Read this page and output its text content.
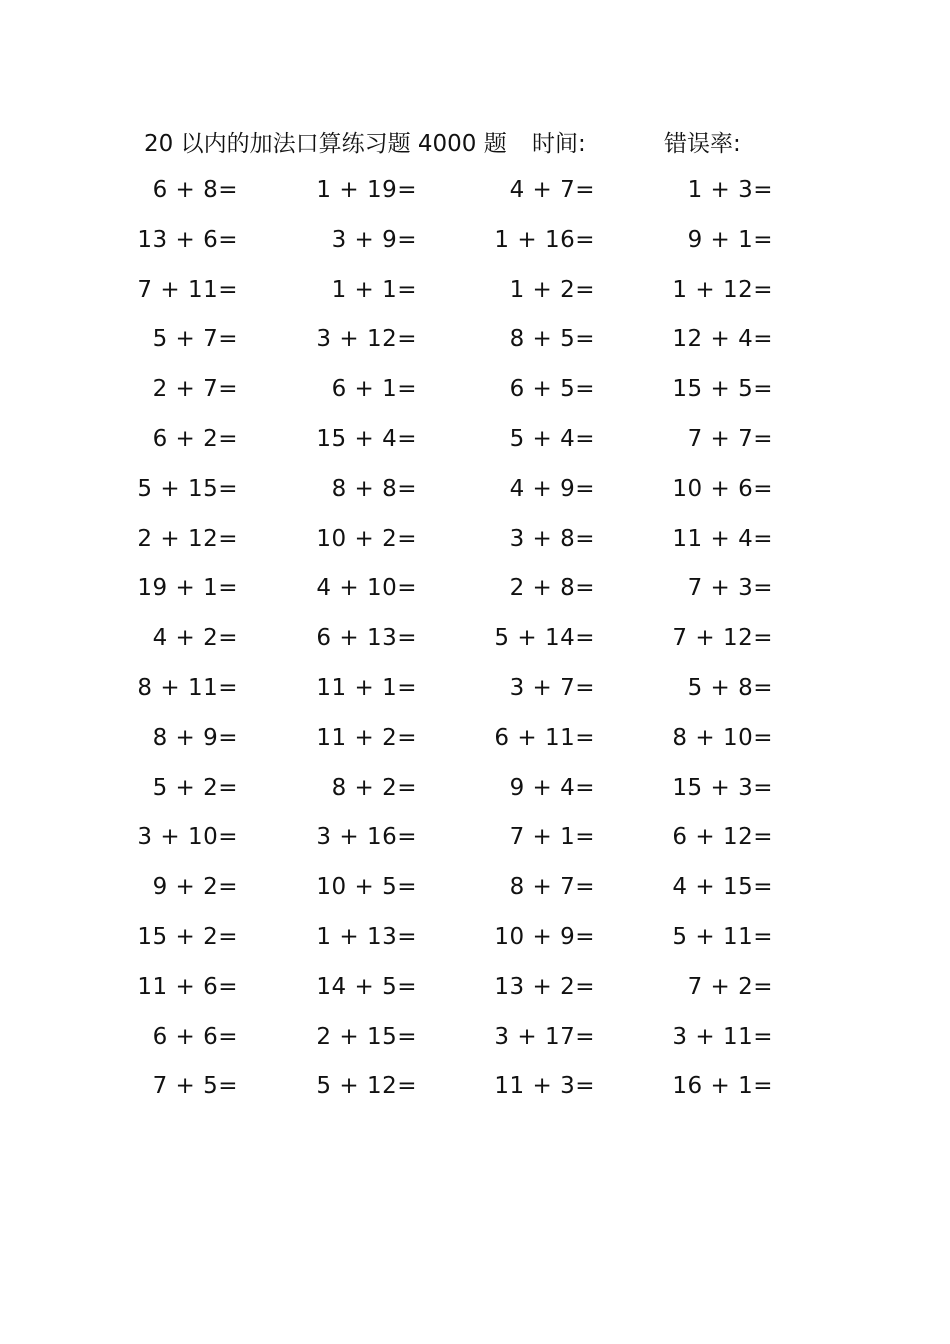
20 以内的加法口算练习题 4000 题 时间:	错误率:
6 + 8=	1 + 19=	4 + 7=	1 + 3=
13 + 6=	3 + 9=	1 + 16=	9 + 1=
7 + 11=	1 + 1=	1 + 2=	1 + 12=
5 + 7=	3 + 12=	8 + 5=	12 + 4=
2 + 7=	6 + 1=	6 + 5=	15 + 5=
6 + 2=	15 + 4=	5 + 4=	7 + 7=
5 + 15=	8 + 8=	4 + 9=	10 + 6=
2 + 12=	10 + 2=	3 + 8=	11 + 4=
19 + 1=	4 + 10=	2 + 8=	7 + 3=
4 + 2=	6 + 13=	5 + 14=	7 + 12=
8 + 11=	11 + 1=	3 + 7=	5 + 8=
8 + 9=	11 + 2=	6 + 11=	8 + 10=
5 + 2=	8 + 2=	9 + 4=	15 + 3=
3 + 10=	3 + 16=	7 + 1=	6 + 12=
9 + 2=	10 + 5=	8 + 7=	4 + 15=
15 + 2=	1 + 13=	10 + 9=	5 + 11=
11 + 6=	14 + 5=	13 + 2=	7 + 2=
6 + 6=	2 + 15=	3 + 17=	3 + 11=
7 + 5=	5 + 12=	11 + 3=	16 + 1=
